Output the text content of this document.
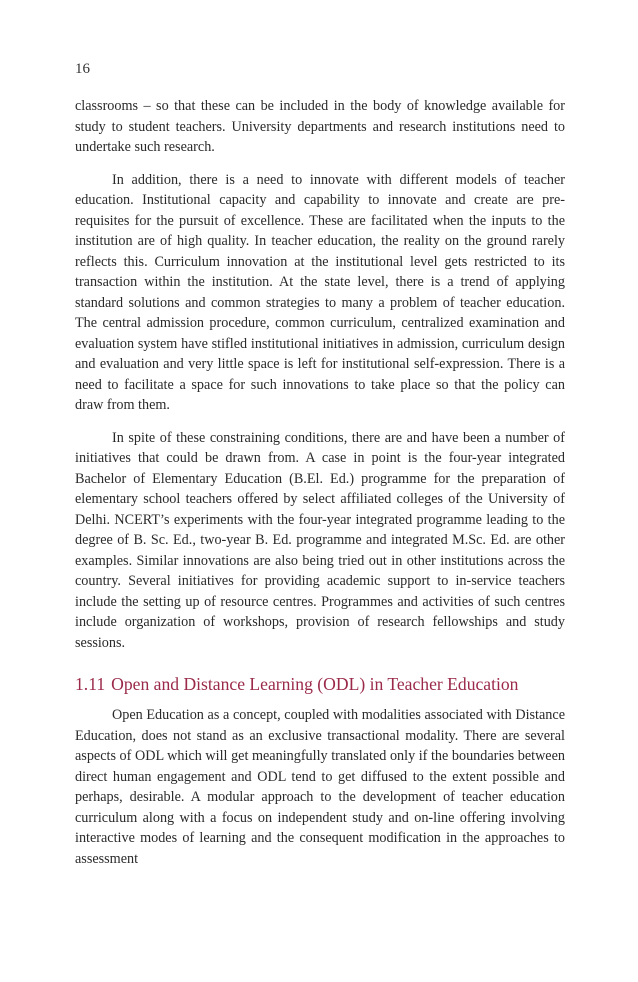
16

classrooms – so that these can be included in the body of knowledge available for study to student teachers. University departments and research institutions need to undertake such research.

In addition, there is a need to innovate with different models of teacher education. Institutional capacity and capability to innovate and create are pre-requisites for the pursuit of excellence. These are facilitated when the inputs to the institution are of high quality. In teacher education, the reality on the ground rarely reflects this. Curriculum innovation at the institutional level gets restricted to its transaction within the institution. At the state level, there is a trend of applying standard solutions and common strategies to many a problem of teacher education. The central admission procedure, common curriculum, centralized examination and evaluation system have stifled institutional initiatives in admission, curriculum design and evaluation and very little space is left for institutional self-expression. There is a need to facilitate a space for such innovations to take place so that the policy can draw from them.

In spite of these constraining conditions, there are and have been a number of initiatives that could be drawn from. A case in point is the four-year integrated Bachelor of Elementary Education (B.El. Ed.) programme for the preparation of elementary school teachers offered by select affiliated colleges of the University of Delhi. NCERT’s experiments with the four-year integrated programme leading to the degree of B. Sc. Ed., two-year B. Ed. programme and integrated M.Sc. Ed. are other examples. Similar innovations are also being tried out in other institutions across the country. Several initiatives for providing academic support to in-service teachers include the setting up of resource centres. Programmes and activities of such centres include organization of workshops, provision of research fellowships and study sessions.

1.11 Open and Distance Learning (ODL) in Teacher Education

Open Education as a concept, coupled with modalities associated with Distance Education, does not stand as an exclusive transactional modality. There are several aspects of ODL which will get meaningfully translated only if the boundaries between direct human engagement and ODL tend to get diffused to the extent possible and perhaps, desirable. A modular approach to the development of teacher education curriculum along with a focus on independent study and on-line offering involving interactive modes of learning and the consequent modification in the approaches to assessment
